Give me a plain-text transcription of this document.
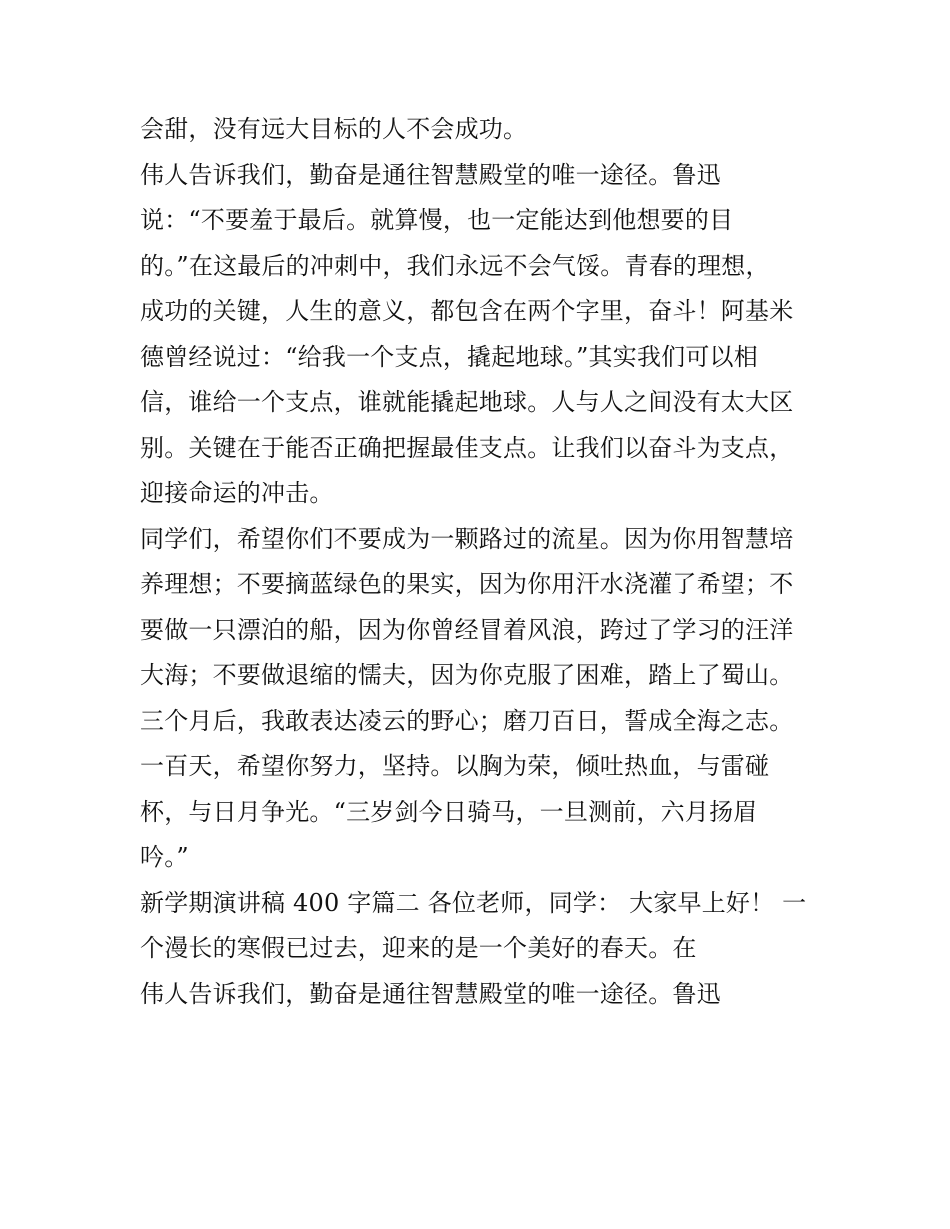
会甜，没有远大目标的人不会成功。
伟人告诉我们，勤奋是通往智慧殿堂的唯一途径。鲁迅
说：“不要羞于最后。就算慢，也一定能达到他想要的目
的。”在这最后的冲刺中，我们永远不会气馁。青春的理想，
成功的关键，人生的意义，都包含在两个字里，奋斗！阿基米
德曾经说过：“给我一个支点，撬起地球。”其实我们可以相
信，谁给一个支点，谁就能撬起地球。人与人之间没有太大区
别。关键在于能否正确把握最佳支点。让我们以奋斗为支点，
迎接命运的冲击。
同学们，希望你们不要成为一颗路过的流星。因为你用智慧培
养理想；不要摘蓝绿色的果实，因为你用汗水浇灌了希望；不
要做一只漂泊的船，因为你曾经冒着风浪，跨过了学习的汪洋
大海；不要做退缩的懦夫，因为你克服了困难，踏上了蜀山。
三个月后，我敢表达凌云的野心；磨刀百日，誓成全海之志。
一百天，希望你努力，坚持。以胸为荣，倾吐热血，与雷碰
杯，与日月争光。“三岁剑今日骑马，一旦测前，六月扬眉
吟。”
新学期演讲稿 400 字篇二 各位老师，同学： 大家早上好！ 一
个漫长的寒假已过去，迎来的是一个美好的春天。在
伟人告诉我们，勤奋是通往智慧殿堂的唯一途径。鲁迅
